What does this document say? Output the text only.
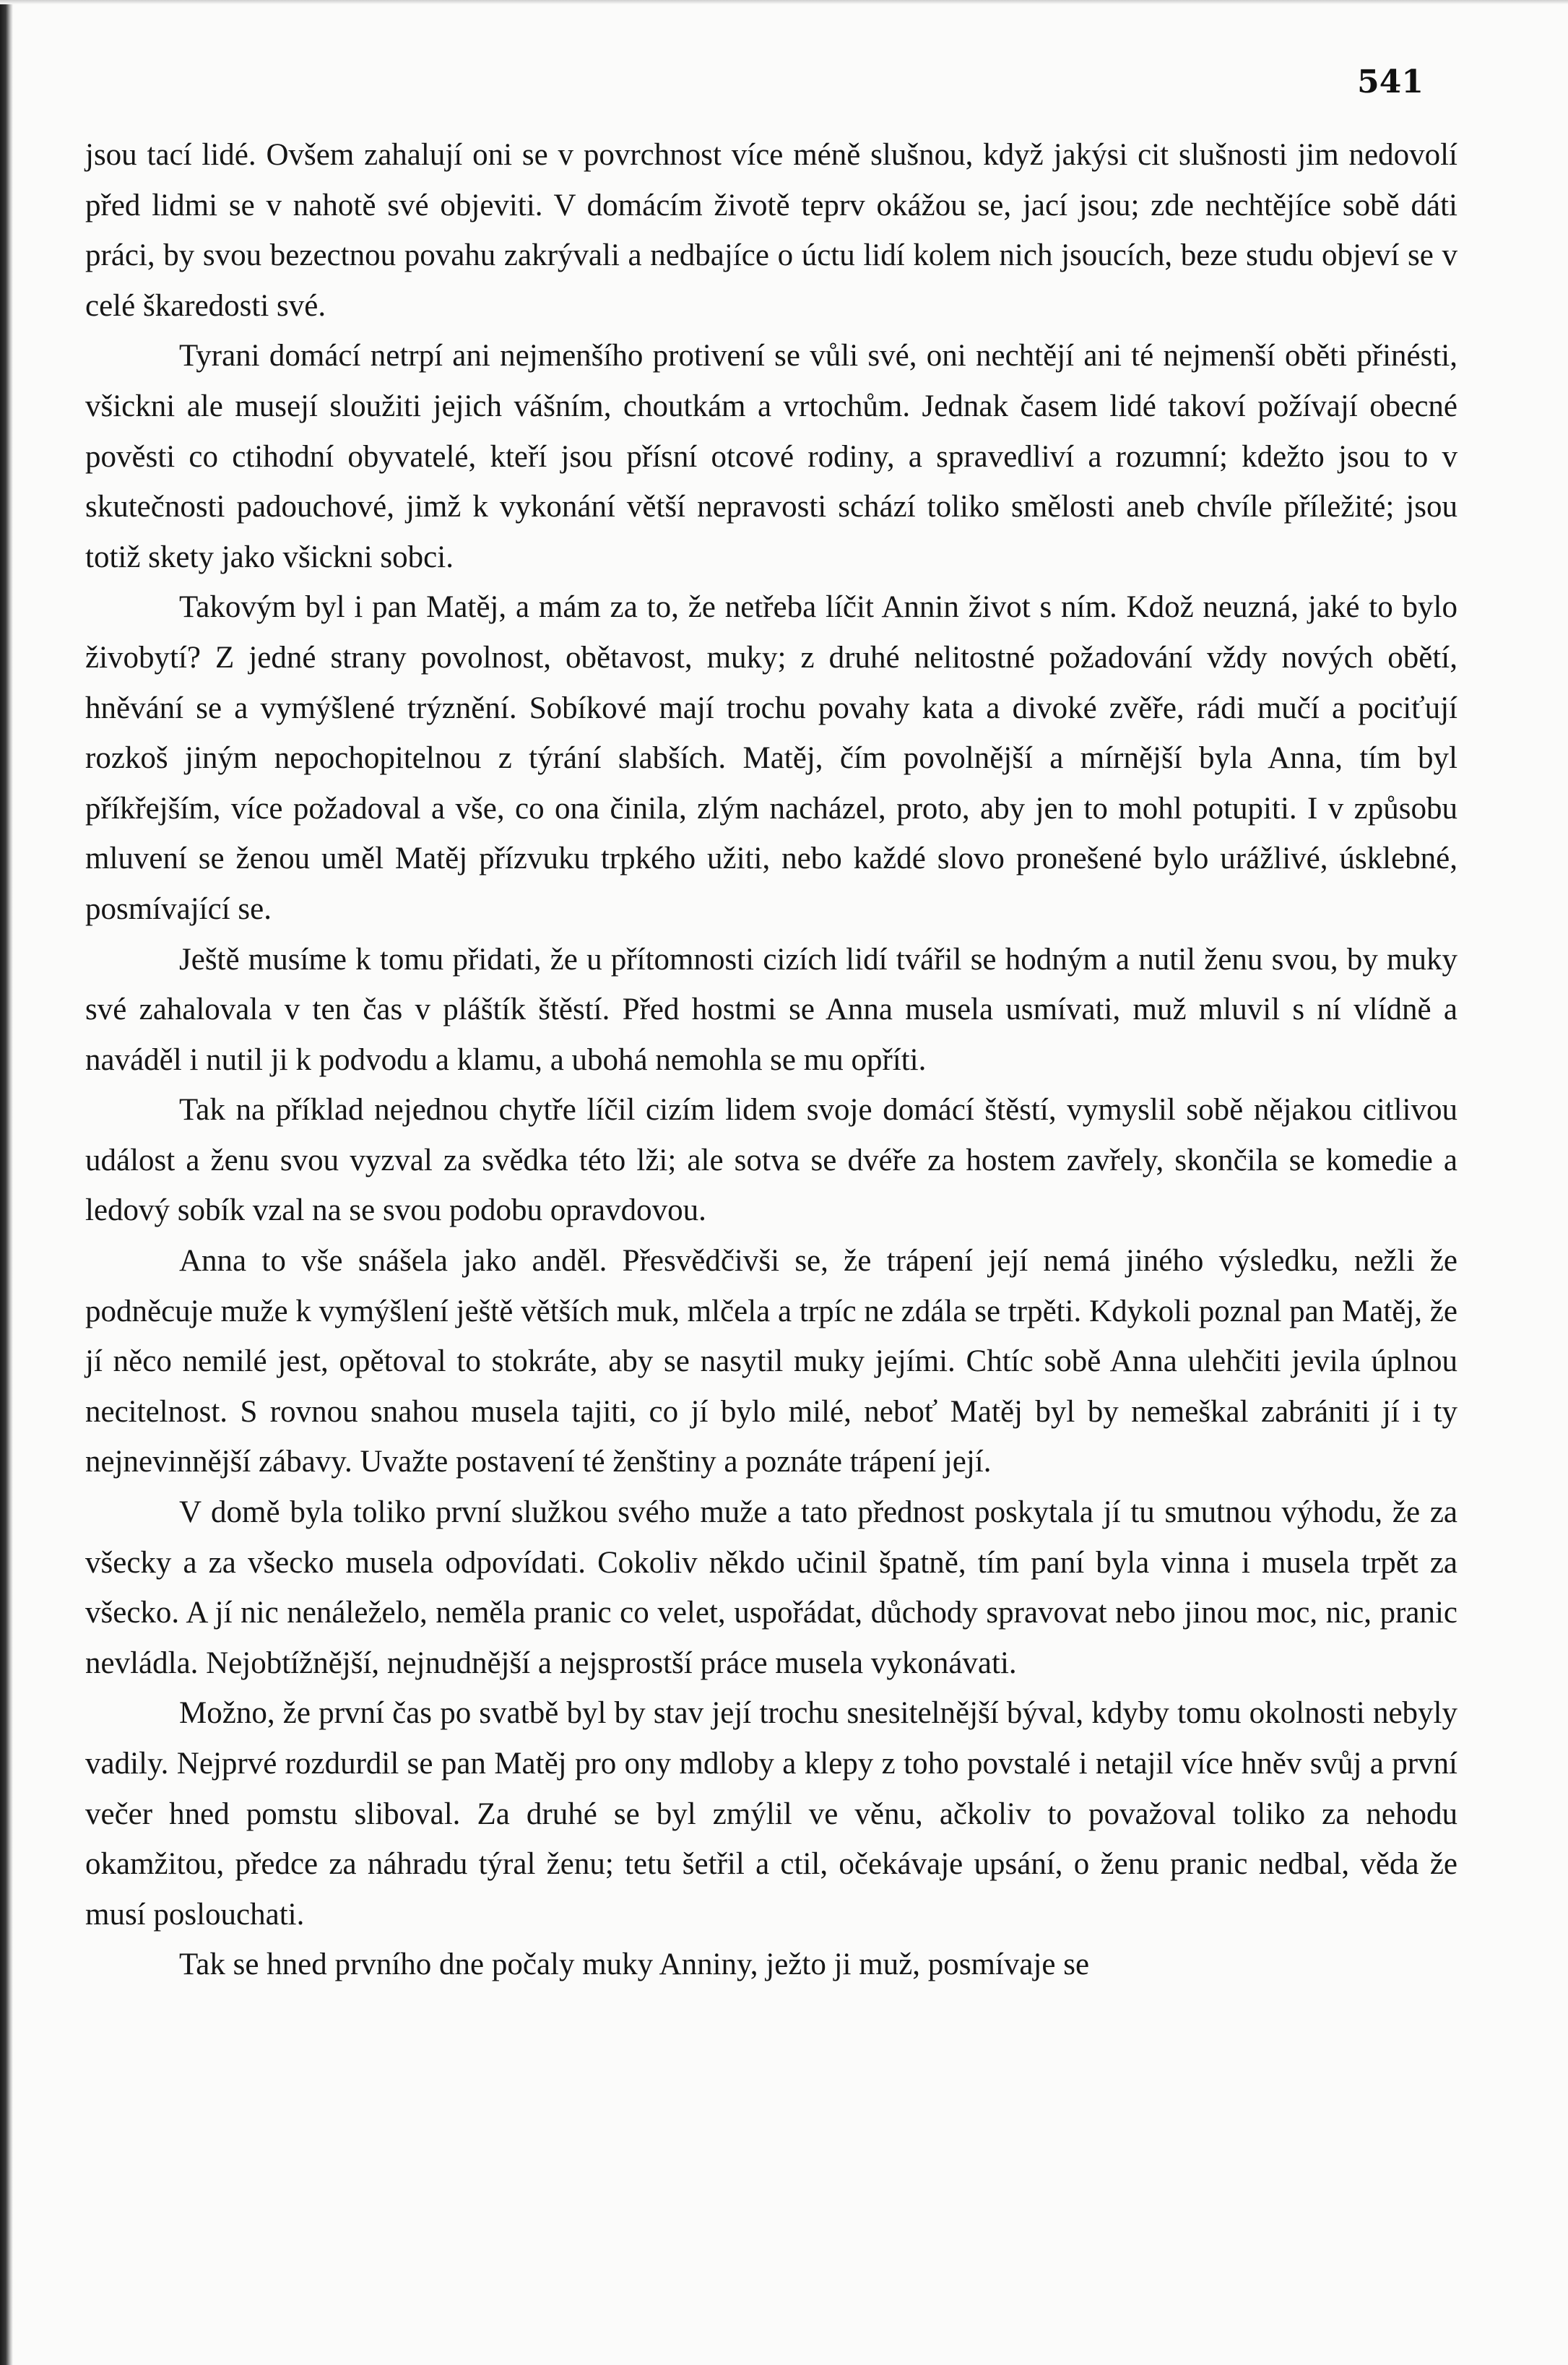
541

jsou tací lidé. Ovšem zahalují oni se v povrchnost více méně slušnou, když jakýsi cit slušnosti jim nedovolí před lidmi se v nahotě své objeviti. V domácím životě teprv okážou se, jací jsou; zde nechtějíce sobě dáti práci, by svou bezectnou povahu zakrývali a nedbajíce o úctu lidí kolem nich jsoucích, beze studu objeví se v celé škaredosti své.

Tyrani domácí netrpí ani nejmenšího protivení se vůli své, oni nechtějí ani té nejmenší oběti přinésti, všickni ale musejí sloužiti jejich vášním, choutkám a vrtochům. Jednak časem lidé takoví požívají obecné pověsti co ctihodní obyvatelé, kteří jsou přísní otcové rodiny, a spravedliví a rozumní; kdežto jsou to v skutečnosti padouchové, jimž k vykonání větší nepravosti schází toliko smělosti aneb chvíle příležité; jsou totiž skety jako všickni sobci.

Takovým byl i pan Matěj, a mám za to, že netřeba líčit Annin život s ním. Kdož neuzná, jaké to bylo živobytí? Z jedné strany povolnost, obětavost, muky; z druhé nelitostné požadování vždy nových obětí, hněvání se a vymýšlené trýznění. Sobíkové mají trochu povahy kata a divoké zvěře, rádi mučí a pociťují rozkoš jiným nepochopitelnou z týrání slabších. Matěj, čím povolnější a mírnější byla Anna, tím byl příkřejším, více požadoval a vše, co ona činila, zlým nacházel, proto, aby jen to mohl potupiti. I v způsobu mluvení se ženou uměl Matěj přízvuku trpkého užiti, nebo každé slovo pronešené bylo urážlivé, úsklebné, posmívající se.

Ještě musíme k tomu přidati, že u přítomnosti cizích lidí tvářil se hodným a nutil ženu svou, by muky své zahalovala v ten čas v pláštík štěstí. Před hostmi se Anna musela usmívati, muž mluvil s ní vlídně a naváděl i nutil ji k podvodu a klamu, a ubohá nemohla se mu opříti.

Tak na příklad nejednou chytře líčil cizím lidem svoje domácí štěstí, vymyslil sobě nějakou citlivou událost a ženu svou vyzval za svědka této lži; ale sotva se dvéře za hostem zavřely, skončila se komedie a ledový sobík vzal na se svou podobu opravdovou.

Anna to vše snášela jako anděl. Přesvědčivši se, že trápení její nemá jiného výsledku, nežli že podněcuje muže k vymýšlení ještě větších muk, mlčela a trpíc ne zdála se trpěti. Kdykoli poznal pan Matěj, že jí něco nemilé jest, opětoval to stokráte, aby se nasytil muky jejími. Chtíc sobě Anna ulehčiti jevila úplnou necitelnost. S rovnou snahou musela tajiti, co jí bylo milé, neboť Matěj byl by nemeškal zabrániti jí i ty nejnevinnější zábavy. Uvažte postavení té ženštiny a poznáte trápení její.

V domě byla toliko první služkou svého muže a tato přednost poskytala jí tu smutnou výhodu, že za všecky a za všecko musela odpovídati. Cokoliv někdo učinil špatně, tím paní byla vinna i musela trpět za všecko. A jí nic nenáleželo, neměla pranic co velet, uspořádat, důchody spravovat nebo jinou moc, nic, pranic nevládla. Nejobtížnější, nejnudnější a nejsprostší práce musela vykonávati.

Možno, že první čas po svatbě byl by stav její trochu snesitelnější býval, kdyby tomu okolnosti nebyly vadily. Nejprvé rozdurdil se pan Matěj pro ony mdloby a klepy z toho povstalé i netajil více hněv svůj a první večer hned pomstu sliboval. Za druhé se byl zmýlil ve věnu, ačkoliv to považoval toliko za nehodu okamžitou, předce za náhradu týral ženu; tetu šetřil a ctil, očekávaje upsání, o ženu pranic nedbal, věda že musí poslouchati.

Tak se hned prvního dne počaly muky Anniny, ježto ji muž, posmívaje se
